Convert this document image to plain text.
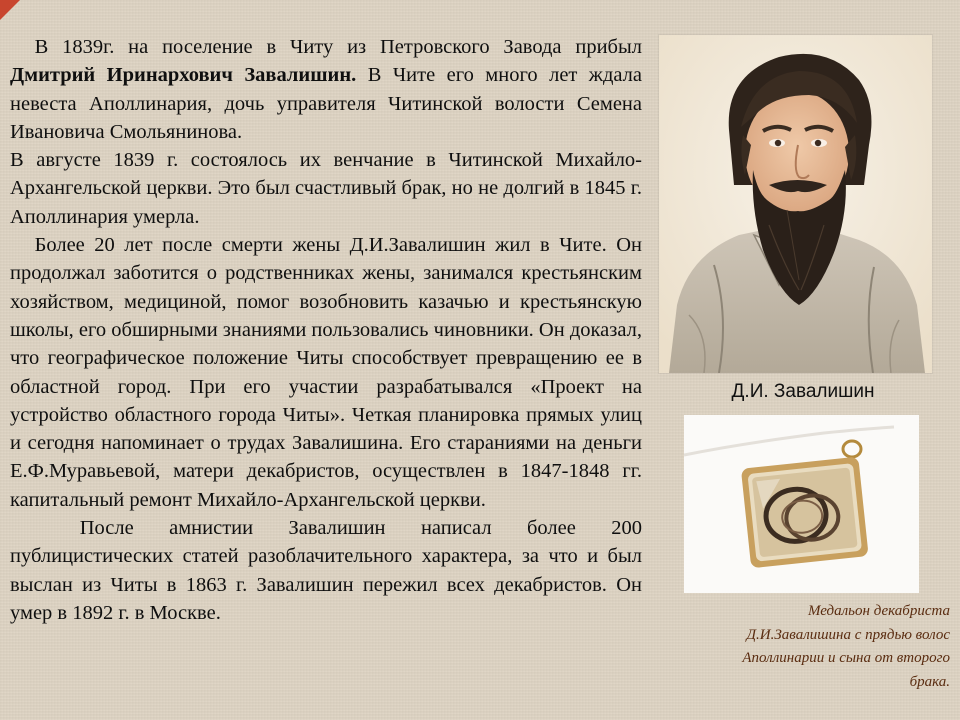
В 1839г. на поселение в Читу из Петровского Завода прибыл Дмитрий Иринархович Завалишин. В Чите его много лет ждала невеста Аполлинария, дочь управителя Читинской волости Семена Ивановича Смольянинова.

В августе 1839 г. состоялось их венчание в Читинской Михайло-Архангельской церкви. Это был счастливый брак, но не долгий в 1845 г. Аполлинария умерла.

Более 20 лет после смерти жены Д.И.Завалишин жил в Чите. Он продолжал заботится о родственниках жены, занимался крестьянским хозяйством, медициной, помог возобновить казачью и крестьянскую школы, его обширными знаниями пользовались чиновники. Он доказал, что географическое положение Читы способствует превращению ее в областной город. При его участии разрабатывался «Проект на устройство областного города Читы». Четкая планировка прямых улиц и сегодня напоминает о трудах Завалишина. Его стараниями на деньги Е.Ф.Муравьевой, матери декабристов, осуществлен в 1847-1848 гг. капитальный ремонт Михайло-Архангельской церкви.

После амнистии Завалишин написал более 200 публицистических статей разоблачительного характера, за что и был выслан из Читы в 1863 г. Завалишин пережил всех декабристов. Он умер в 1892 г. в Москве.

Д.И. Завалишин
Медальон декабриста
Д.И.Завалишина с прядью волос
Аполлинарии и сына от второго
брака.
